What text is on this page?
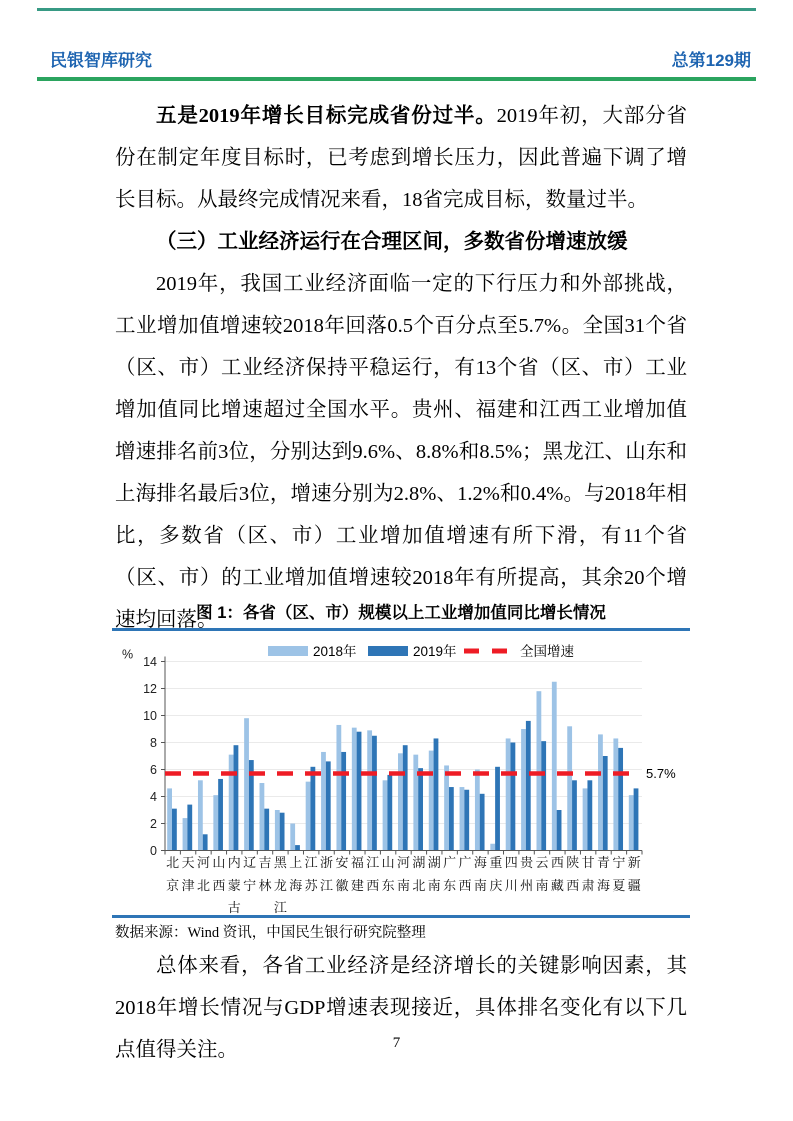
民银智库研究	总第129期

五是2019年增长目标完成省份过半。2019年初，大部分省份在制定年度目标时，已考虑到增长压力，因此普遍下调了增长目标。从最终完成情况来看，18省完成目标，数量过半。

（三）工业经济运行在合理区间，多数省份增速放缓

2019年，我国工业经济面临一定的下行压力和外部挑战，工业增加值增速较2018年回落0.5个百分点至5.7%。全国31个省（区、市）工业经济保持平稳运行，有13个省（区、市）工业增加值同比增速超过全国水平。贵州、福建和江西工业增加值增速排名前3位，分别达到9.6%、8.8%和8.5%；黑龙江、山东和上海排名最后3位，增速分别为2.8%、1.2%和0.4%。与2018年相比，多数省（区、市）工业增加值增速有所下滑，有11个省（区、市）的工业增加值增速较2018年有所提高，其余20个增速均回落。

图 1：各省（区、市）规模以上工业增加值同比增长情况
2018年	2019年	全国增速
%
0
2
4
6
8
10
12
14
5.7%
北
京
天
津
河
北
山
西
内
蒙
古
辽
宁
吉
林
黑
龙
江
上
海
江
苏
浙
江
安
徽
福
建
江
西
山
东
河
南
湖
北
湖
南
广
东
广
西
海
南
重
庆
四
川
贵
州
云
南
西
藏
陕
西
甘
肃
青
海
宁
夏
新
疆
数据来源：Wind 资讯，中国民生银行研究院整理

总体来看，各省工业经济是经济增长的关键影响因素，其2018年增长情况与GDP增速表现接近，具体排名变化有以下几点值得关注。	7
